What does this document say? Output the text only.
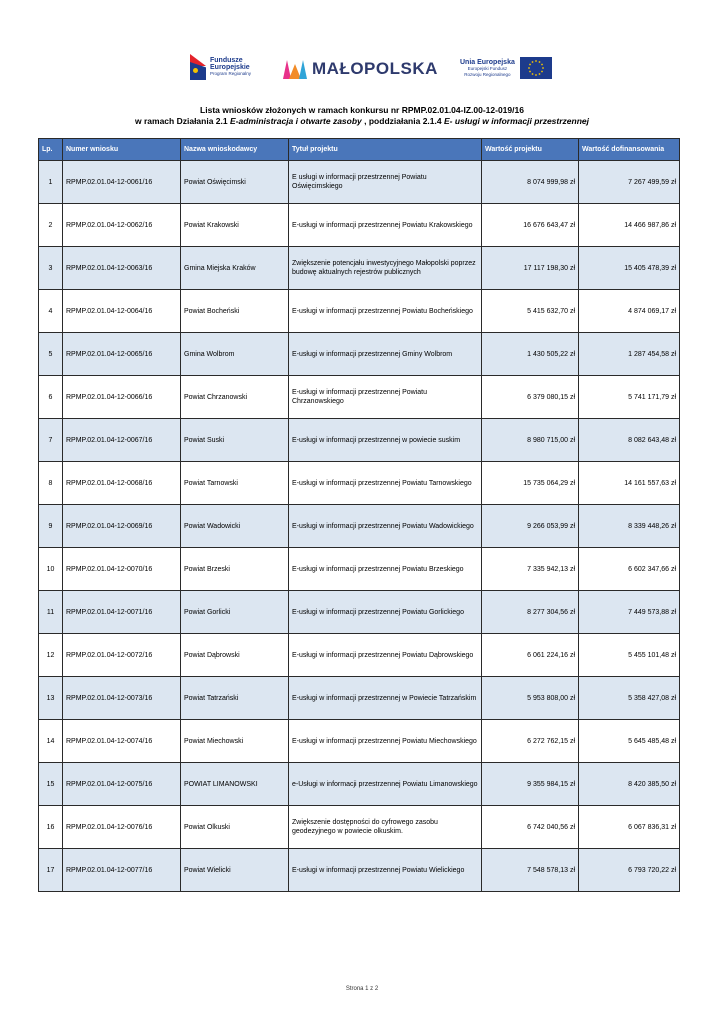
Fundusze
Europejskie
Program Regionalny	MAŁOPOLSKA	Unia Europejska
Europejski Fundusz
Rozwoju Regionalnego
Lista wniosków złożonych w ramach konkursu nr RPMP.02.01.04-IZ.00-12-019/16
w ramach Działania 2.1 E-administracja i otwarte zasoby , poddziałania 2.1.4 E- usługi w informacji przestrzennej
Lp.	Numer wniosku	Nazwa wnioskodawcy	Tytuł projektu	Wartość projektu	Wartość dofinansowania
1	RPMP.02.01.04-12-0061/16	Powiat Oświęcimski	E usługi w informacji przestrzennej Powiatu Oświęcimskiego	8 074 999,98 zł	7 267 499,59 zł
2	RPMP.02.01.04-12-0062/16	Powiat Krakowski	E-usługi w informacji przestrzennej Powiatu Krakowskiego	16 676 643,47 zł	14 466 987,86 zł
3	RPMP.02.01.04-12-0063/16	Gmina Miejska Kraków	Zwiększenie potencjału inwestycyjnego Małopolski poprzez budowę aktualnych rejestrów publicznych	17 117 198,30 zł	15 405 478,39 zł
4	RPMP.02.01.04-12-0064/16	Powiat Bocheński	E-usługi w informacji przestrzennej Powiatu Bocheńskiego	5 415 632,70 zł	4 874 069,17 zł
5	RPMP.02.01.04-12-0065/16	Gmina Wolbrom	E-usługi w informacji przestrzennej Gminy Wolbrom	1 430 505,22 zł	1 287 454,58 zł
6	RPMP.02.01.04-12-0066/16	Powiat Chrzanowski	E-usługi w informacji przestrzennej Powiatu Chrzanowskiego	6 379 080,15 zł	5 741 171,79 zł
7	RPMP.02.01.04-12-0067/16	Powiat Suski	E-usługi w informacji przestrzennej w powiecie suskim	8 980 715,00 zł	8 082 643,48 zł
8	RPMP.02.01.04-12-0068/16	Powiat Tarnowski	E-usługi w informacji przestrzennej Powiatu Tarnowskiego	15 735 064,29 zł	14 161 557,63 zł
9	RPMP.02.01.04-12-0069/16	Powiat Wadowicki	E-usługi w informacji przestrzennej Powiatu Wadowickiego	9 266 053,99 zł	8 339 448,26 zł
10	RPMP.02.01.04-12-0070/16	Powiat Brzeski	E-usługi w informacji przestrzennej Powiatu Brzeskiego	7 335 942,13 zł	6 602 347,66 zł
11	RPMP.02.01.04-12-0071/16	Powiat Gorlicki	E-usługi w informacji przestrzennej Powiatu Gorlickiego	8 277 304,56 zł	7 449 573,88 zł
12	RPMP.02.01.04-12-0072/16	Powiat Dąbrowski	E-usługi w informacji przestrzennej Powiatu Dąbrowskiego	6 061 224,16 zł	5 455 101,48 zł
13	RPMP.02.01.04-12-0073/16	Powiat Tatrzański	E-usługi w informacji przestrzennej w Powiecie Tatrzańskim	5 953 808,00 zł	5 358 427,08 zł
14	RPMP.02.01.04-12-0074/16	Powiat Miechowski	E-usługi w informacji przestrzennej Powiatu Miechowskiego	6 272 762,15 zł	5 645 485,48 zł
15	RPMP.02.01.04-12-0075/16	POWIAT LIMANOWSKI	e-Usługi w informacji przestrzennej Powiatu Limanowskiego	9 355 984,15 zł	8 420 385,50 zł
16	RPMP.02.01.04-12-0076/16	Powiat Olkuski	Zwiększenie dostępności do cyfrowego zasobu geodezyjnego w powiecie olkuskim.	6 742 040,56 zł	6 067 836,31 zł
17	RPMP.02.01.04-12-0077/16	Powiat Wielicki	E-usługi w informacji przestrzennej Powiatu Wielickiego	7 548 578,13 zł	6 793 720,22 zł
Strona 1 z 2
